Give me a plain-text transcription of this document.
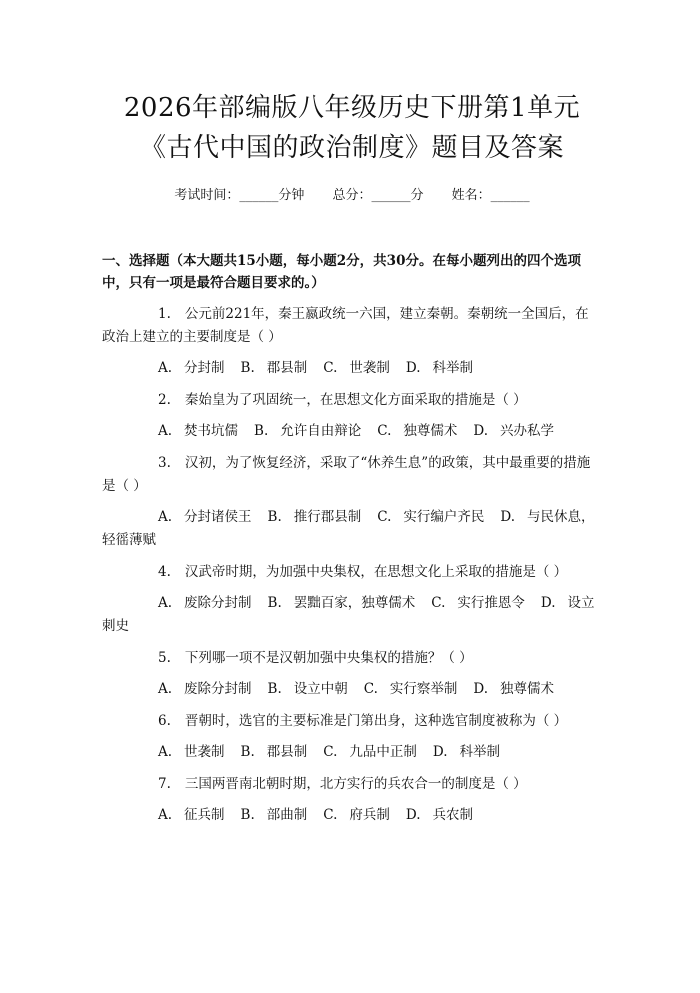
2026年部编版八年级历史下册第1单元《古代中国的政治制度》题目及答案
考试时间：______分钟 总分：______分 姓名：______
一、选择题（本大题共15小题，每小题2分，共30分。在每小题列出的四个选项中，只有一项是最符合题目要求的。）
1. 公元前221年，秦王嬴政统一六国，建立秦朝。秦朝统一全国后，在政治上建立的主要制度是（ ）
A. 分封制 B. 郡县制 C. 世袭制 D. 科举制
2. 秦始皇为了巩固统一，在思想文化方面采取的措施是（ ）
A. 焚书坑儒 B. 允许自由辩论 C. 独尊儒术 D. 兴办私学
3. 汉初，为了恢复经济，采取了“休养生息”的政策，其中最重要的措施是（ ）
A. 分封诸侯王 B. 推行郡县制 C. 实行编户齐民 D. 与民休息，轻徭薄赋
4. 汉武帝时期，为加强中央集权，在思想文化上采取的措施是（ ）
A. 废除分封制 B. 罢黜百家，独尊儒术 C. 实行推恩令 D. 设立刺史
5. 下列哪一项不是汉朝加强中央集权的措施？（ ）
A. 废除分封制 B. 设立中朝 C. 实行察举制 D. 独尊儒术
6. 晋朝时，选官的主要标准是门第出身，这种选官制度被称为（ ）
A. 世袭制 B. 郡县制 C. 九品中正制 D. 科举制
7. 三国两晋南北朝时期，北方实行的兵农合一的制度是（ ）
A. 征兵制 B. 部曲制 C. 府兵制 D. 兵农制
